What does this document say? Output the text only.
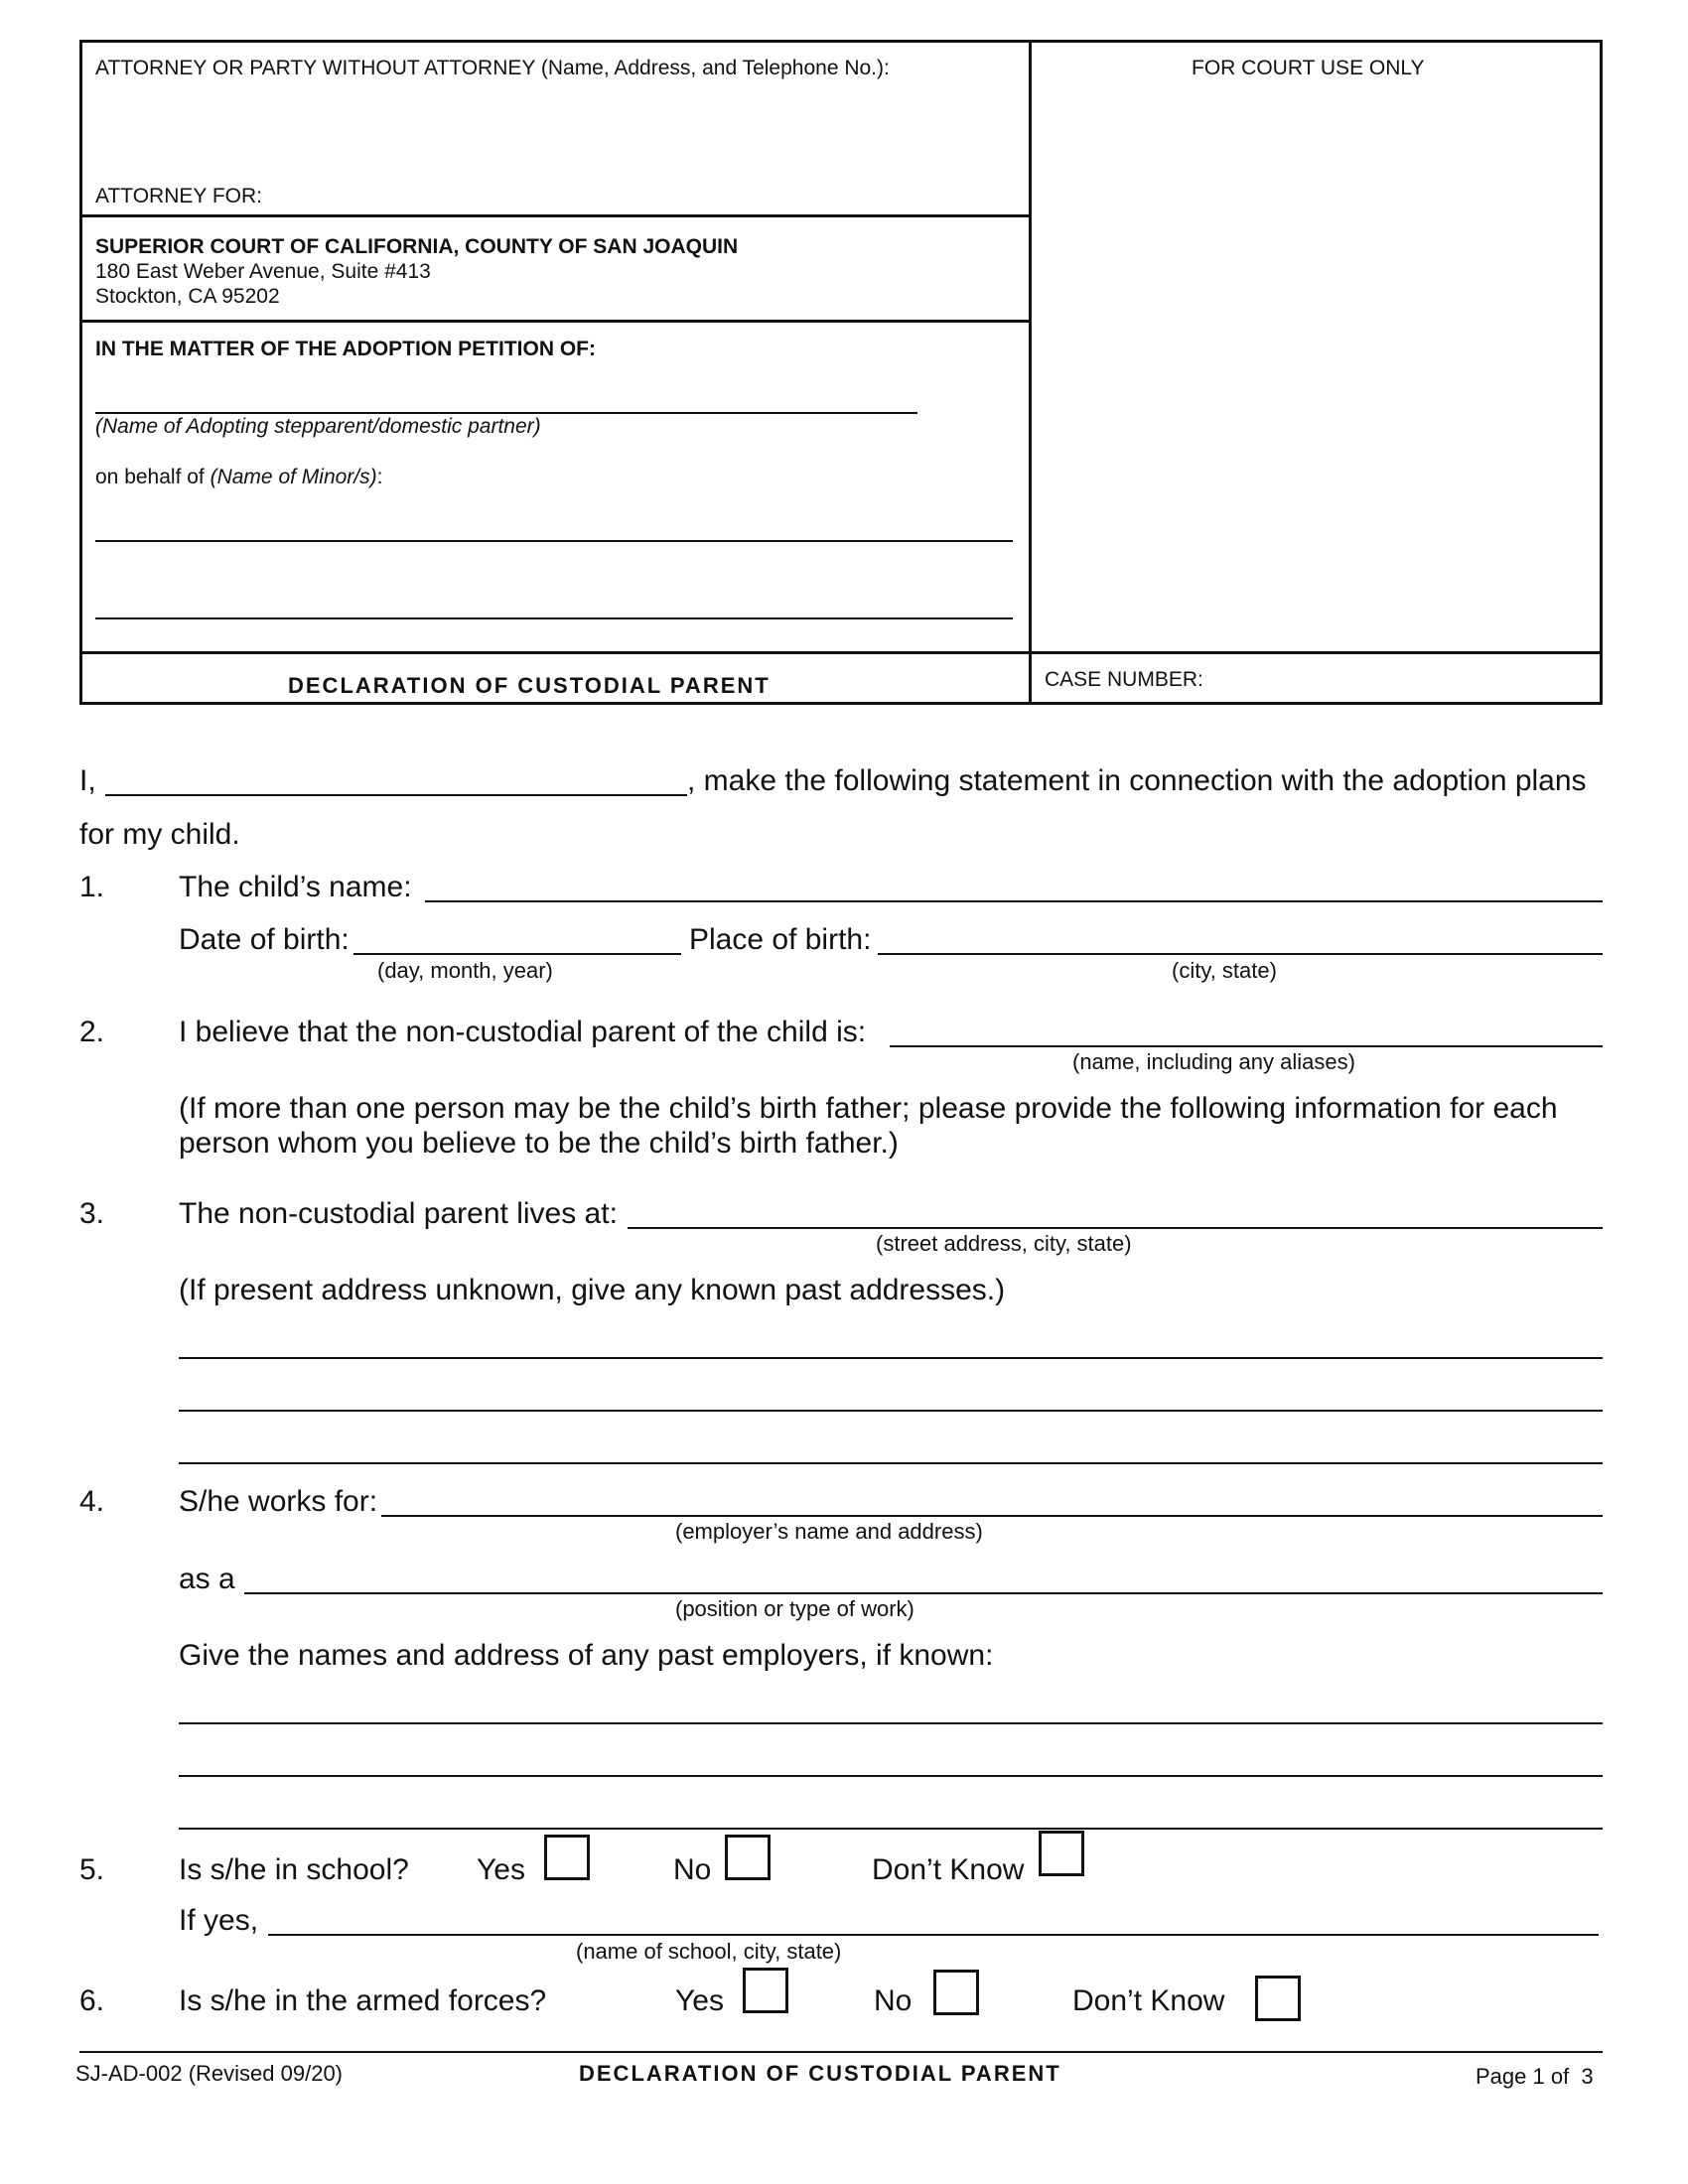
ATTORNEY OR PARTY WITHOUT ATTORNEY (Name, Address, and Telephone No.):
ATTORNEY FOR:
FOR COURT USE ONLY
SUPERIOR COURT OF CALIFORNIA, COUNTY OF SAN JOAQUIN
180 East Weber Avenue, Suite #413
Stockton, CA 95202
IN THE MATTER OF THE ADOPTION PETITION OF:
(Name of Adopting stepparent/domestic partner)
on behalf of (Name of Minor/s):
DECLARATION OF CUSTODIAL PARENT	CASE NUMBER:
I,	, make the following statement in connection with the adoption plans
for my child.
1. The child’s name:
Date of birth:
(day, month, year)
Place of birth:
(city, state)
2. I believe that the non-custodial parent of the child is:
(name, including any aliases)
(If more than one person may be the child’s birth father; please provide the following information for each
person whom you believe to be the child’s birth father.)
3. The non-custodial parent lives at:
(street address, city, state)
(If present address unknown, give any known past addresses.)
4. S/he works for:
(employer’s name and address)
as a
(position or type of work)
Give the names and address of any past employers, if known:
5. Is s/he in school? Yes	No	Don’t Know
If yes,
(name of school, city, state)
6. Is s/he in the armed forces?	Yes	No	Don’t Know
SJ-AD-002 (Revised 09/20)	DECLARATION OF CUSTODIAL PARENT	Page 1 of  3
